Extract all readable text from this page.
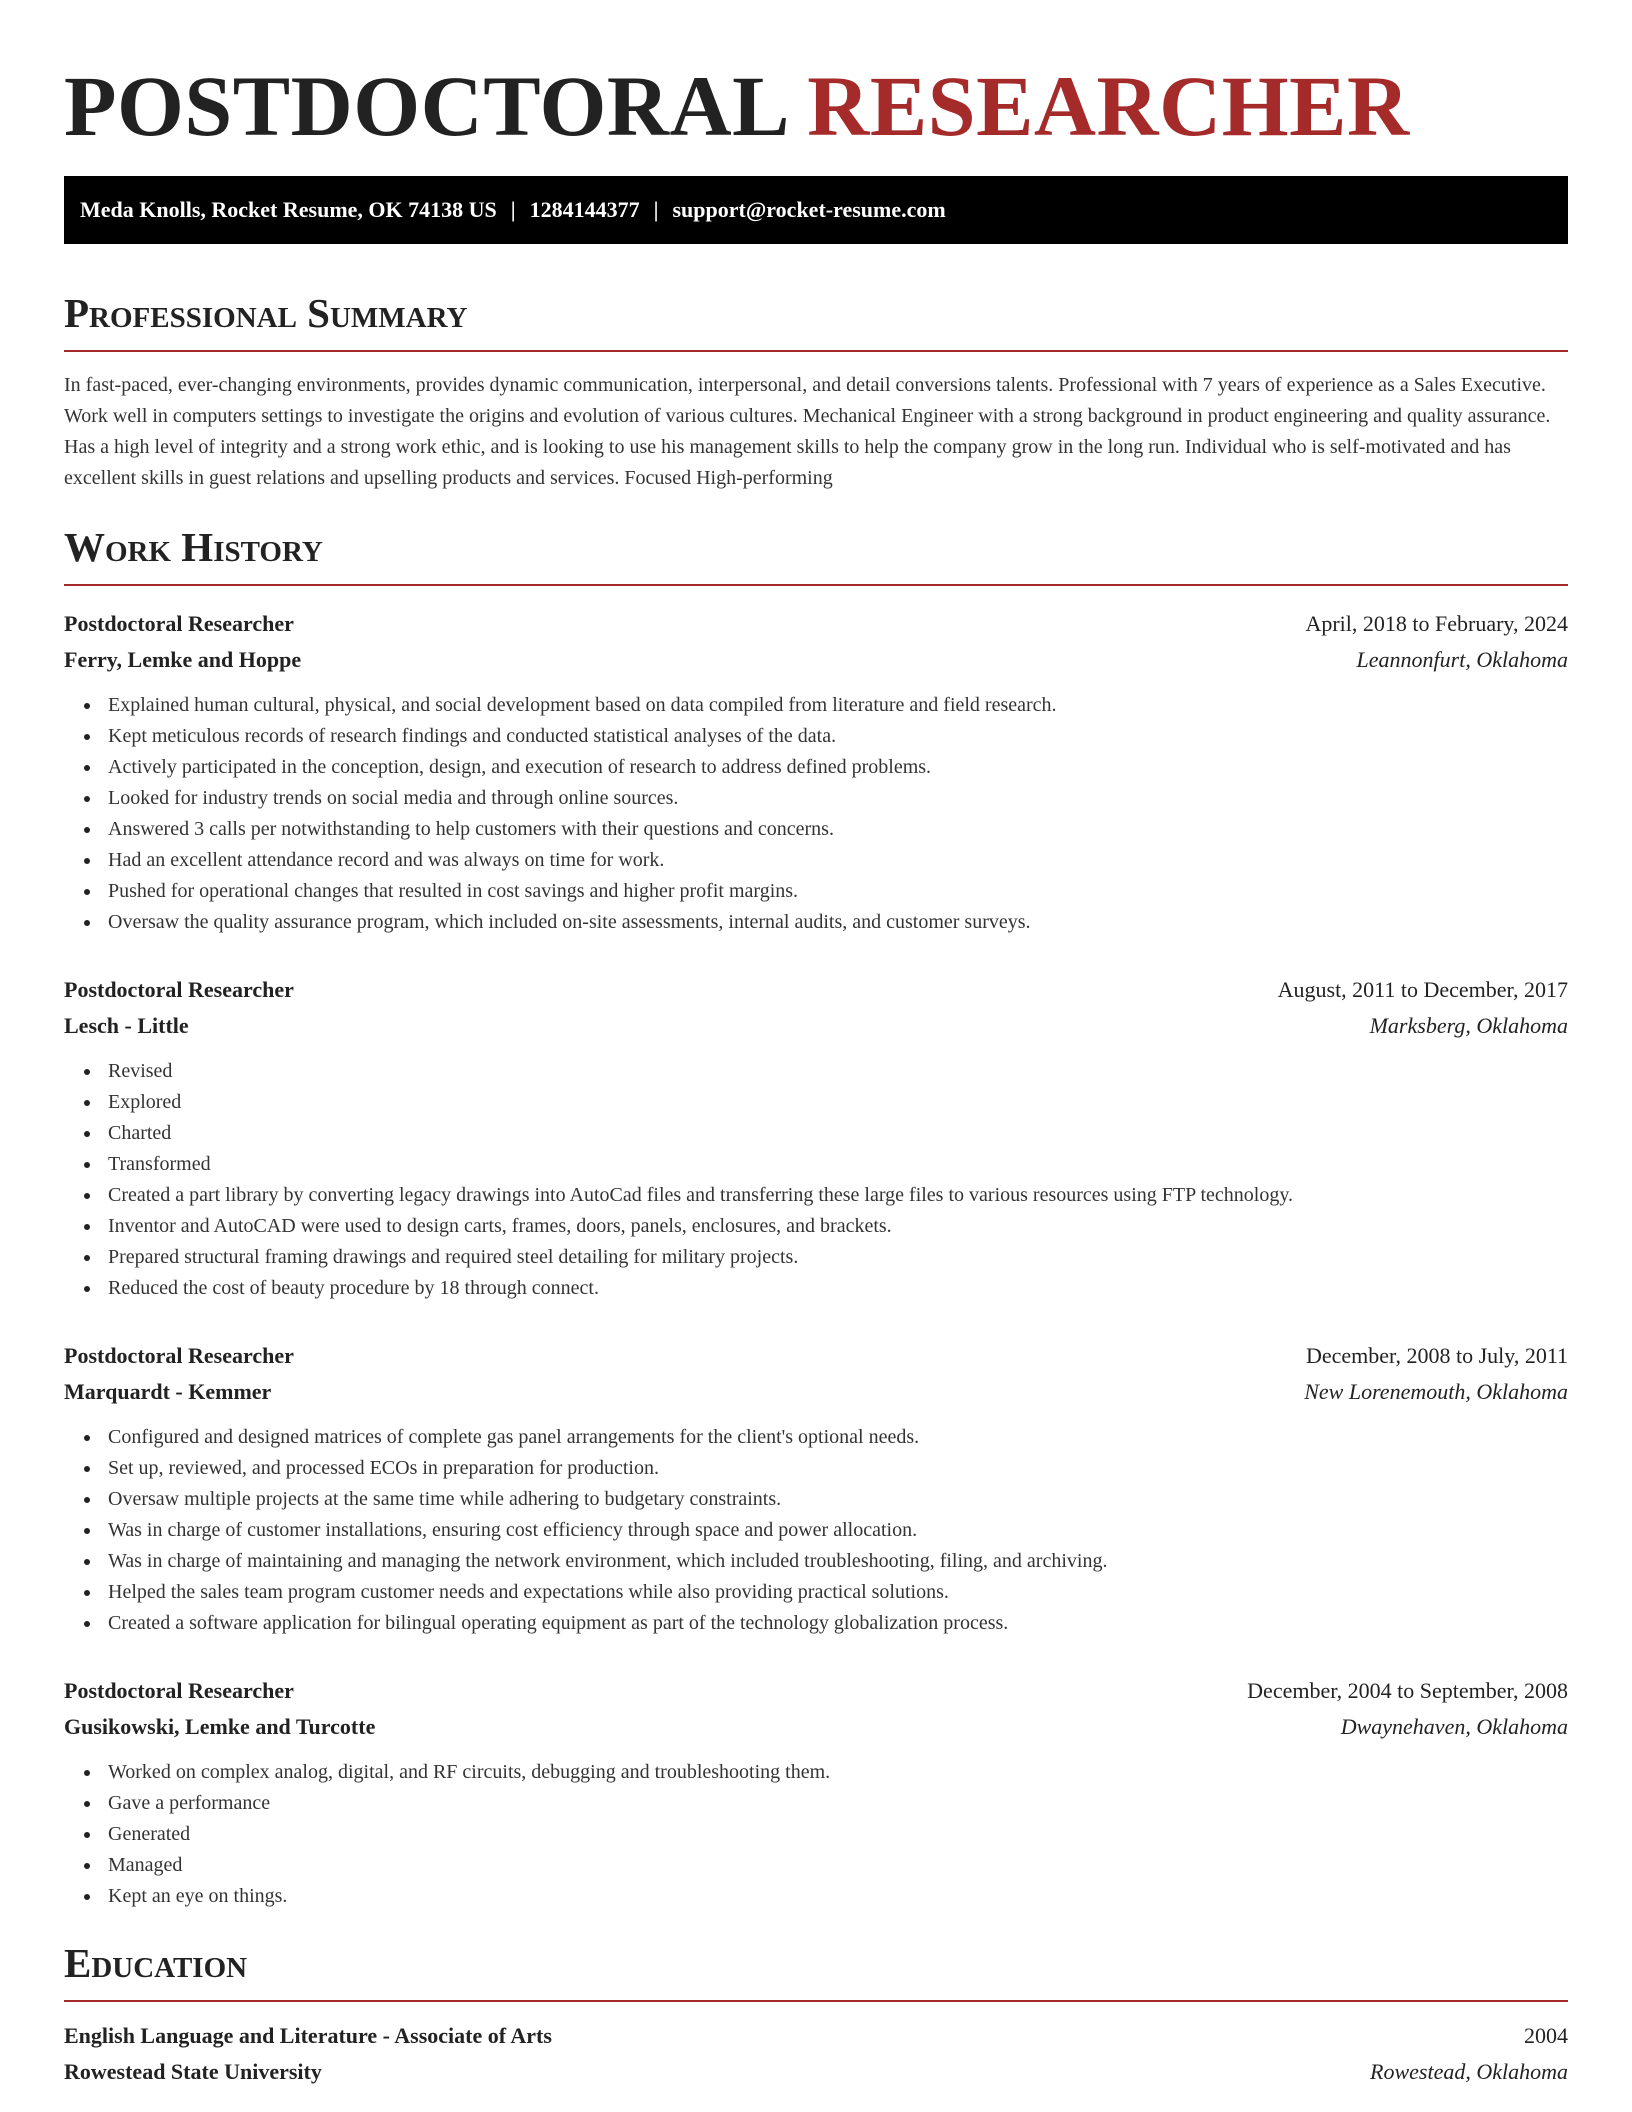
POSTDOCTORAL RESEARCHER
Meda Knolls, Rocket Resume, OK 74138 US | 1284144377 | support@rocket-resume.com
Professional Summary

In fast-paced, ever-changing environments, provides dynamic communication, interpersonal, and detail conversions talents. Professional with 7 years of experience as a Sales Executive. Work well in computers settings to investigate the origins and evolution of various cultures. Mechanical Engineer with a strong background in product engineering and quality assurance. Has a high level of integrity and a strong work ethic, and is looking to use his management skills to help the company grow in the long run. Individual who is self-motivated and has excellent skills in guest relations and upselling products and services. Focused High-performing

Work History
Postdoctoral Researcher	April, 2018 to February, 2024
Ferry, Lemke and Hoppe	Leannonfurt, Oklahoma
Explained human cultural, physical, and social development based on data compiled from literature and field research.
Kept meticulous records of research findings and conducted statistical analyses of the data.
Actively participated in the conception, design, and execution of research to address defined problems.
Looked for industry trends on social media and through online sources.
Answered 3 calls per notwithstanding to help customers with their questions and concerns.
Had an excellent attendance record and was always on time for work.
Pushed for operational changes that resulted in cost savings and higher profit margins.
Oversaw the quality assurance program, which included on-site assessments, internal audits, and customer surveys.
Postdoctoral Researcher	August, 2011 to December, 2017
Lesch - Little	Marksberg, Oklahoma
Revised
Explored
Charted
Transformed
Created a part library by converting legacy drawings into AutoCad files and transferring these large files to various resources using FTP technology.
Inventor and AutoCAD were used to design carts, frames, doors, panels, enclosures, and brackets.
Prepared structural framing drawings and required steel detailing for military projects.
Reduced the cost of beauty procedure by 18 through connect.
Postdoctoral Researcher	December, 2008 to July, 2011
Marquardt - Kemmer	New Lorenemouth, Oklahoma
Configured and designed matrices of complete gas panel arrangements for the client's optional needs.
Set up, reviewed, and processed ECOs in preparation for production.
Oversaw multiple projects at the same time while adhering to budgetary constraints.
Was in charge of customer installations, ensuring cost efficiency through space and power allocation.
Was in charge of maintaining and managing the network environment, which included troubleshooting, filing, and archiving.
Helped the sales team program customer needs and expectations while also providing practical solutions.
Created a software application for bilingual operating equipment as part of the technology globalization process.
Postdoctoral Researcher	December, 2004 to September, 2008
Gusikowski, Lemke and Turcotte	Dwaynehaven, Oklahoma
Worked on complex analog, digital, and RF circuits, debugging and troubleshooting them.
Gave a performance
Generated
Managed
Kept an eye on things.
Education
English Language and Literature - Associate of Arts	2004
Rowestead State University	Rowestead, Oklahoma
